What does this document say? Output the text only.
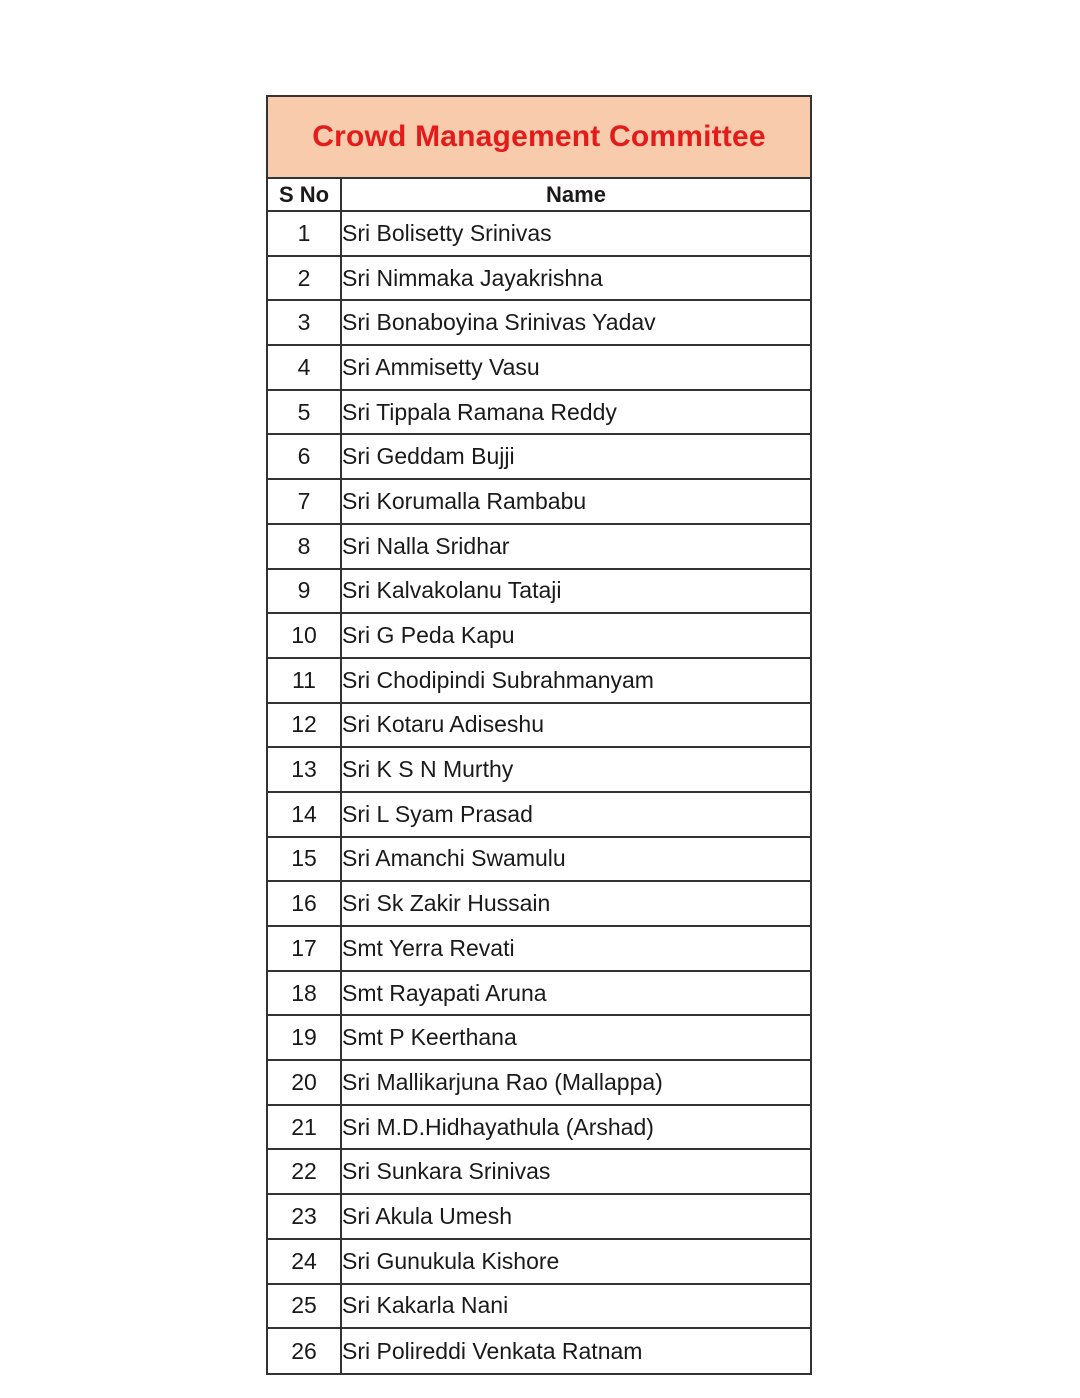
Crowd Management Committee
S No	Name
1	Sri Bolisetty Srinivas
2	Sri Nimmaka Jayakrishna
3	Sri Bonaboyina Srinivas Yadav
4	Sri Ammisetty Vasu
5	Sri Tippala Ramana Reddy
6	Sri Geddam Bujji
7	Sri Korumalla Rambabu
8	Sri Nalla Sridhar
9	Sri Kalvakolanu Tataji
10	Sri G Peda Kapu
11	Sri Chodipindi Subrahmanyam
12	Sri Kotaru Adiseshu
13	Sri K S N Murthy
14	Sri L Syam Prasad
15	Sri Amanchi Swamulu
16	Sri Sk Zakir Hussain
17	Smt Yerra Revati
18	Smt Rayapati Aruna
19	Smt P Keerthana
20	Sri Mallikarjuna Rao (Mallappa)
21	Sri M.D.Hidhayathula (Arshad)
22	Sri Sunkara Srinivas
23	Sri Akula Umesh
24	Sri Gunukula Kishore
25	Sri Kakarla Nani
26	Sri Polireddi Venkata Ratnam
